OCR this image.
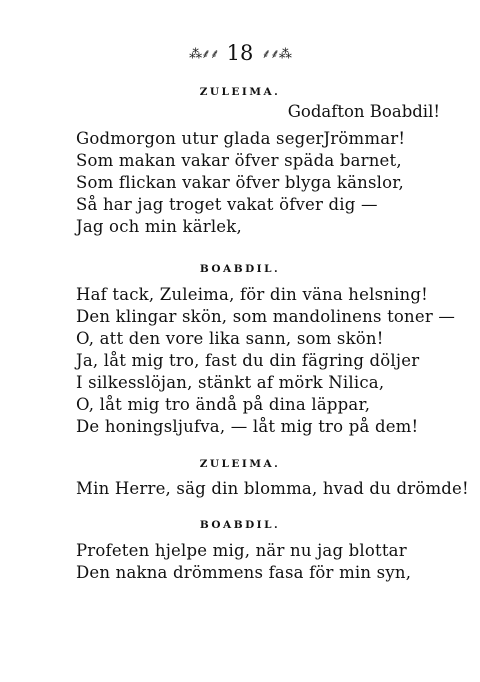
⁂⸙⸙ 18 ⸙⸙⁂
ZULEIMA.
Godafton Boabdil!
Godmorgon utur glada segerJrömmar!
Som makan vakar öfver späda barnet,
Som flickan vakar öfver blyga känslor,
Så har jag troget vakat öfver dig —
Jag och min kärlek,
BOABDIL.
Haf tack, Zuleima, för din väna helsning!
Den klingar skön, som mandolinens toner —
O, att den vore lika sann, som skön!
Ja, låt mig tro, fast du din fägring döljer
I silkesslöjan, stänkt af mörk Nilica,
O, låt mig tro ändå på dina läppar,
De honingsljufva, — låt mig tro på dem!
ZULEIMA.
Min Herre, säg din blomma, hvad du drömde!
BOABDIL.
Profeten hjelpe mig, när nu jag blottar
Den nakna drömmens fasa för min syn,
